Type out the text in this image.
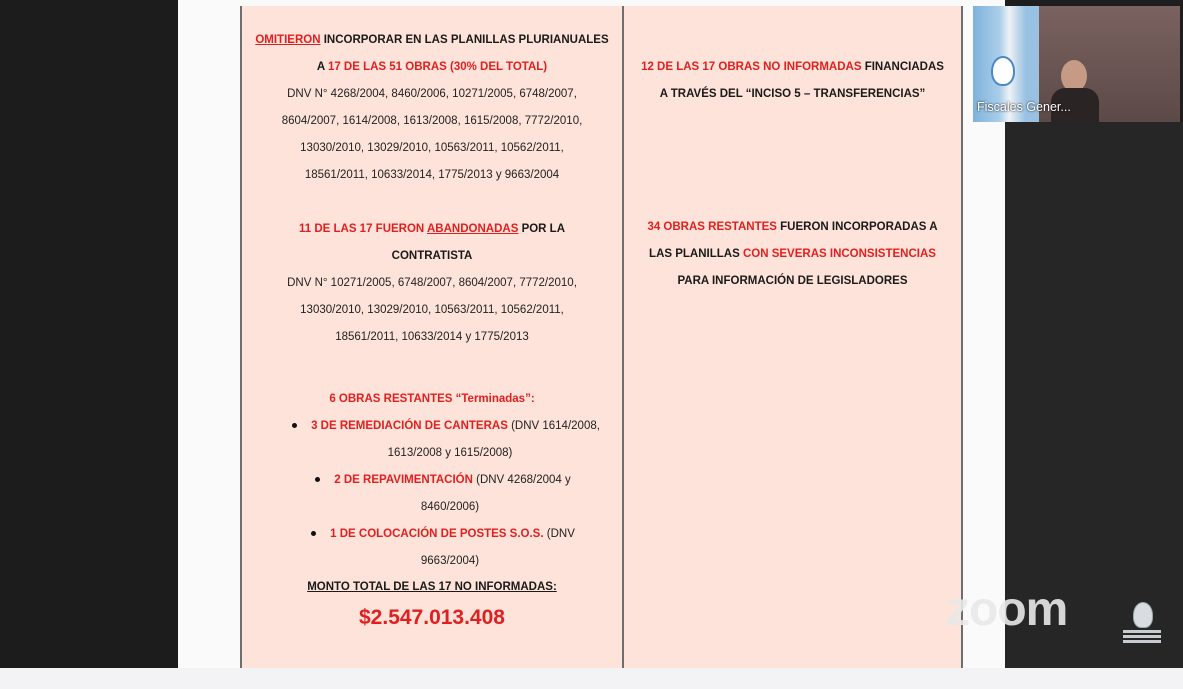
OMITIERON INCORPORAR EN LAS PLANILLAS PLURIANUALES

A 17 DE LAS 51 OBRAS (30% DEL TOTAL)

DNV N° 4268/2004, 8460/2006, 10271/2005, 6748/2007,

8604/2007, 1614/2008, 1613/2008, 1615/2008, 7772/2010,

13030/2010, 13029/2010, 10563/2011, 10562/2011,

18561/2011, 10633/2014, 1775/2013 y 9663/2004

11 DE LAS 17 FUERON ABANDONADAS POR LA

CONTRATISTA

DNV N° 10271/2005, 6748/2007, 8604/2007, 7772/2010,

13030/2010, 13029/2010, 10563/2011, 10562/2011,

18561/2011, 10633/2014 y 1775/2013

6 OBRAS RESTANTES “Terminadas”:

3 DE REMEDIACIÓN DE CANTERAS (DNV 1614/2008,

1613/2008 y 1615/2008)

2 DE REPAVIMENTACIÓN (DNV 4268/2004 y

8460/2006)

1 DE COLOCACIÓN DE POSTES S.O.S. (DNV

9663/2004)

MONTO TOTAL DE LAS 17 NO INFORMADAS:

$2.547.013.408

12 DE LAS 17 OBRAS NO INFORMADAS FINANCIADAS

A TRAVÉS DEL “INCISO 5 – TRANSFERENCIAS”

34 OBRAS RESTANTES FUERON INCORPORADAS A

LAS PLANILLAS CON SEVERAS INCONSISTENCIAS

PARA INFORMACIÓN DE LEGISLADORES

Fiscales Gener...
zoom
